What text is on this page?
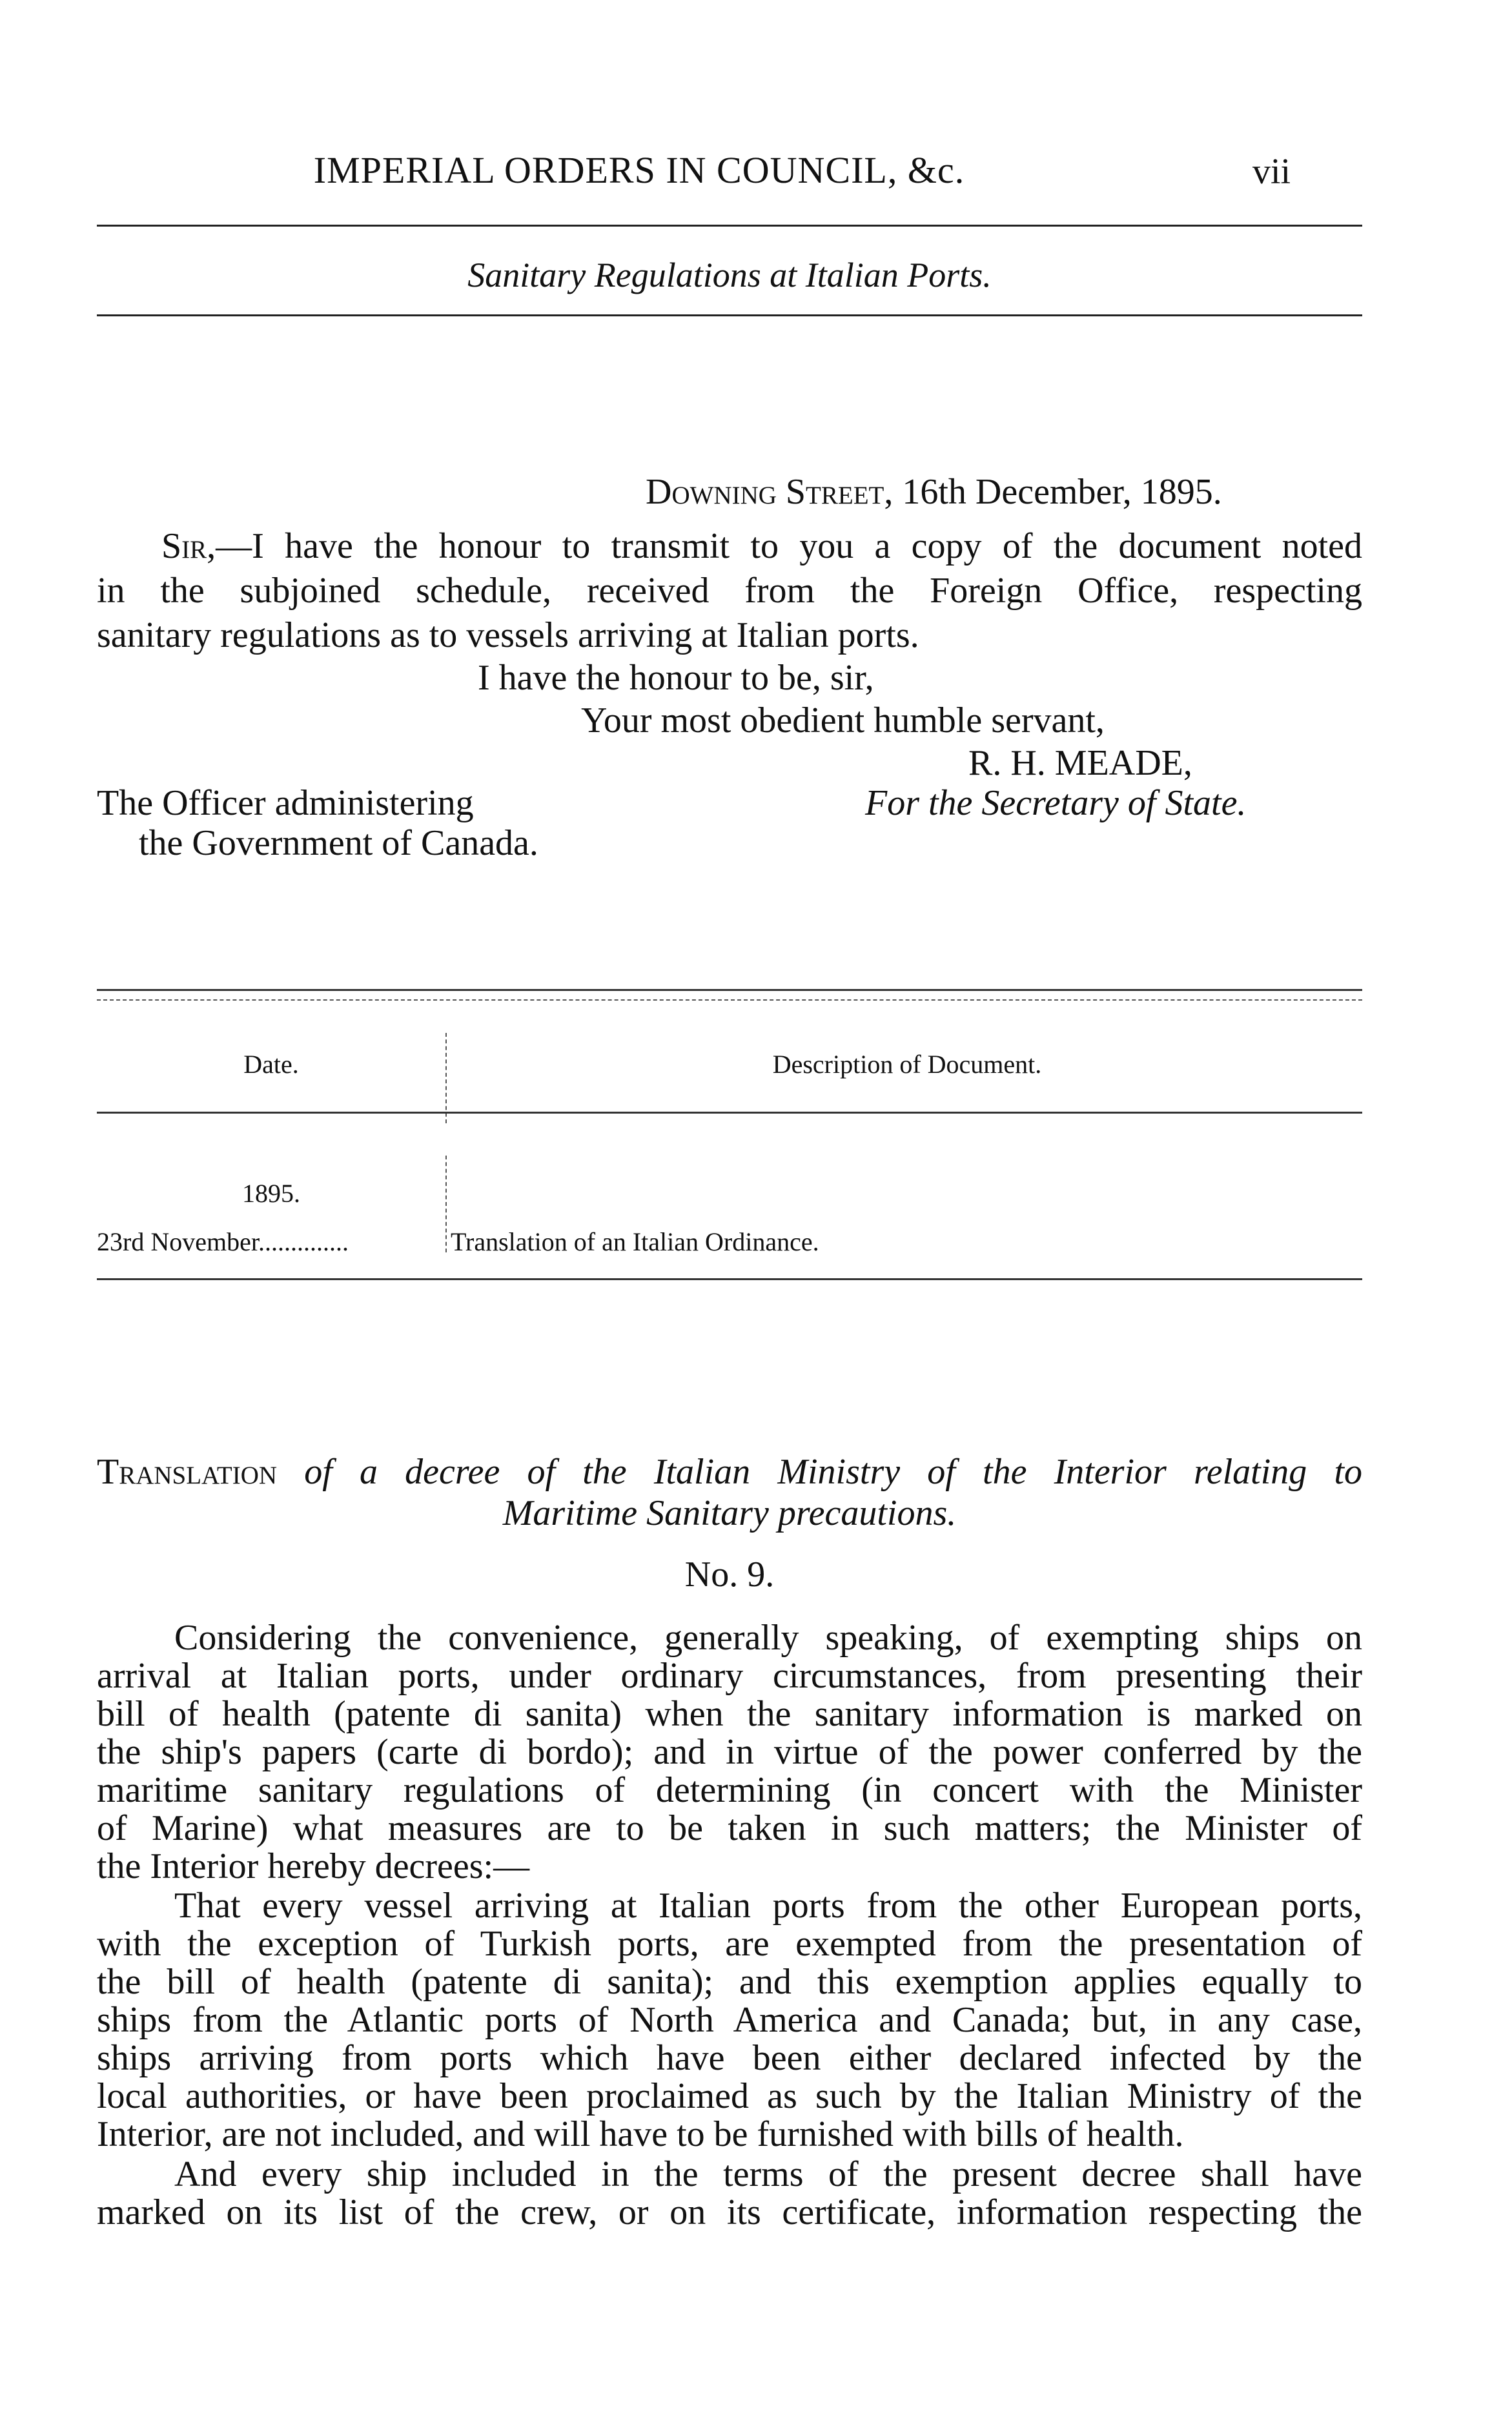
IMPERIAL ORDERS IN COUNCIL, &c.	vii
Sanitary Regulations at Italian Ports.
Downing Street, 16th December, 1895.
Sir,—I have the honour to transmit to you a copy of the document noted
in the subjoined schedule, received from the Foreign Office, respecting
sanitary regulations as to vessels arriving at Italian ports.
I have the honour to be, sir,
Your most obedient humble servant,
R. H. MEADE,
The Officer administering	For the Secretary of State.
the Government of Canada.
Date.	Description of Document.
1895.
23rd November..............	Translation of an Italian Ordinance.
Translation of a decree of the Italian Ministry of the Interior relating to
Maritime Sanitary precautions.
No. 9.
Considering the convenience, generally speaking, of exempting ships on
arrival at Italian ports, under ordinary circumstances, from presenting their
bill of health (patente di sanita) when the sanitary information is marked on
the ship's papers (carte di bordo); and in virtue of the power conferred by the
maritime sanitary regulations of determining (in concert with the Minister
of Marine) what measures are to be taken in such matters; the Minister of
the Interior hereby decrees:—
That every vessel arriving at Italian ports from the other European ports,
with the exception of Turkish ports, are exempted from the presentation of
the bill of health (patente di sanita); and this exemption applies equally to
ships from the Atlantic ports of North America and Canada; but, in any case,
ships arriving from ports which have been either declared infected by the
local authorities, or have been proclaimed as such by the Italian Ministry of the
Interior, are not included, and will have to be furnished with bills of health.
And every ship included in the terms of the present decree shall have
marked on its list of the crew, or on its certificate, information respecting the
